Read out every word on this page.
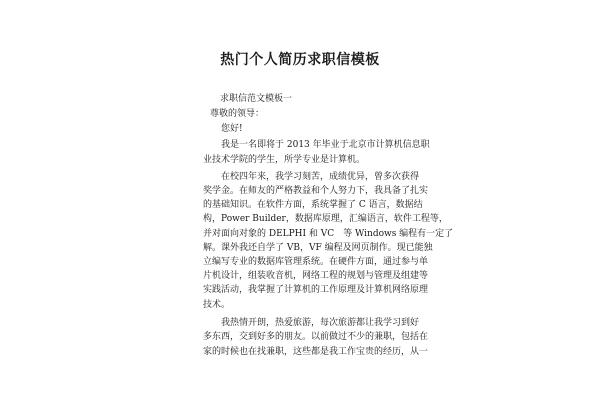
热门个人简历求职信模板
求职信范文模板一
尊敬的领导：
您好!
我是一名即将于 2013 年毕业于北京市计算机信息职
业技术学院的学生，所学专业是计算机。
在校四年来，我学习刻苦，成绩优异，曾多次获得
奖学金。在师友的严格教益和个人努力下，我具备了扎实
的基础知识。在软件方面，系统掌握了 C 语言，数据结
构，Power Builder，数据库原理，汇编语言，软件工程等，
并对面向对象的 DELPHI 和 VC　等 Windows 编程有一定了
解。课外我还自学了 VB，VF 编程及网页制作。现已能独
立编写专业的数据库管理系统。在硬件方面，通过参与单
片机设计，组装收音机，网络工程的规划与管理及组建等
实践活动，我掌握了计算机的工作原理及计算机网络原理
技术。
我热情开朗，热爱旅游，每次旅游都让我学习到好
多东西，交到好多的朋友。以前做过不少的兼职，包括在
家的时候也在找兼职，这些都是我工作宝贵的经历，从一
